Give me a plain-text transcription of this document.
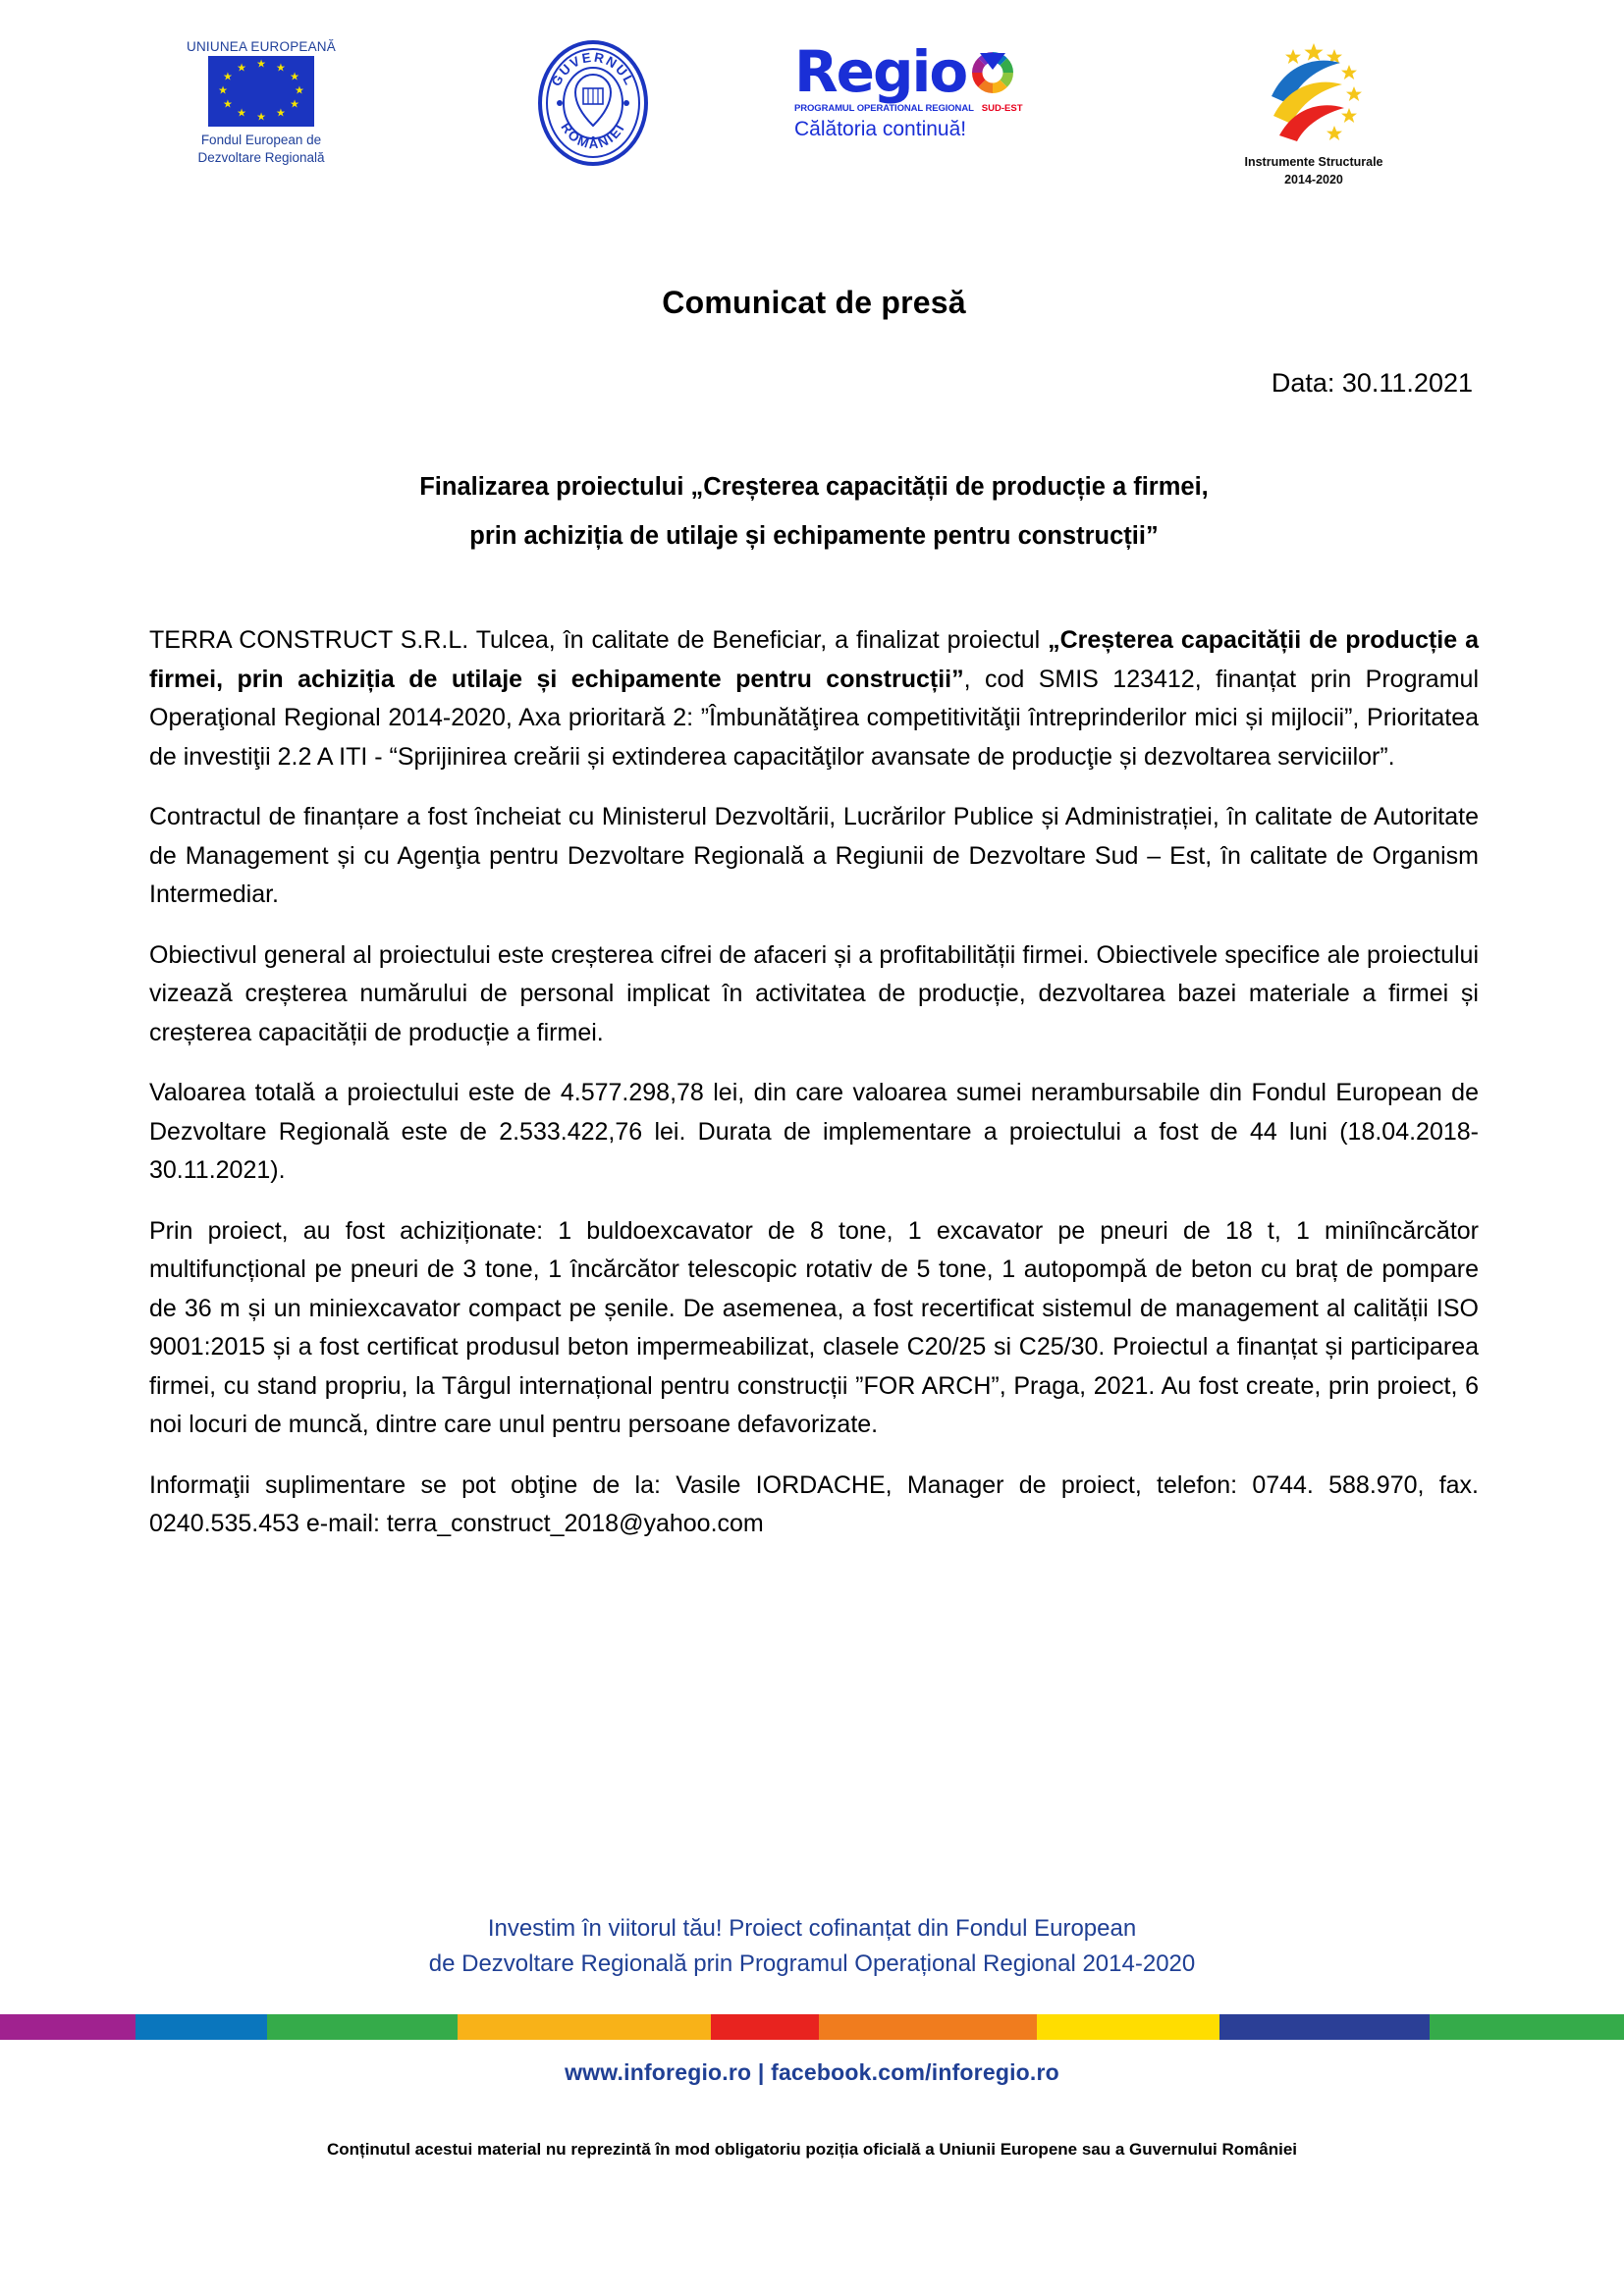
UNIUNEA EUROPEANĂ
★ ★
★
★
★
★
★
★
★
★
★
★
Fondul European de
Dezvoltare Regională
GUVERNUL
ROMÂNIEI
Regio
PROGRAMUL OPERATIONAL REGIONAL SUD-EST
Călătoria continuă!
Instrumente Structurale
2014-2020
Comunicat de presă
Data: 30.11.2021
Finalizarea proiectului „Creșterea capacității de producție a firmei,
prin achiziția de utilaje și echipamente pentru construcții”

TERRA CONSTRUCT S.R.L. Tulcea, în calitate de Beneficiar, a finalizat proiectul „Creșterea capacității de producție a firmei, prin achiziția de utilaje și echipamente pentru construcții”, cod SMIS 123412, finanțat prin Programul Operaţional Regional 2014-2020, Axa prioritară 2: ”Îmbunătăţirea competitivităţii întreprinderilor mici și mijlocii”, Prioritatea de investiţii 2.2 A ITI - “Sprijinirea creării și extinderea capacităţilor avansate de producţie și dezvoltarea serviciilor”.

Contractul de finanțare a fost încheiat cu Ministerul Dezvoltării, Lucrărilor Publice și Administrației, în calitate de Autoritate de Management și cu Agenţia pentru Dezvoltare Regională a Regiunii de Dezvoltare Sud – Est, în calitate de Organism Intermediar.

Obiectivul general al proiectului este creșterea cifrei de afaceri și a profitabilității firmei. Obiectivele specifice ale proiectului vizează creșterea numărului de personal implicat în activitatea de producție, dezvoltarea bazei materiale a firmei și creșterea capacității de producție a firmei.

Valoarea totală a proiectului este de 4.577.298,78 lei, din care valoarea sumei nerambursabile din Fondul European de Dezvoltare Regională este de 2.533.422,76 lei. Durata de implementare a proiectului a fost de 44 luni (18.04.2018-30.11.2021).

Prin proiect, au fost achiziționate: 1 buldoexcavator de 8 tone, 1 excavator pe pneuri de 18 t, 1 miniîncărcător multifuncțional pe pneuri de 3 tone, 1 încărcător telescopic rotativ de 5 tone, 1 autopompă de beton cu braț de pompare de 36 m și un miniexcavator compact pe șenile. De asemenea, a fost recertificat sistemul de management al calității ISO 9001:2015 și a fost certificat produsul beton impermeabilizat, clasele C20/25 si C25/30. Proiectul a finanțat și participarea firmei, cu stand propriu, la Târgul internațional pentru construcții ”FOR ARCH”, Praga, 2021. Au fost create, prin proiect, 6 noi locuri de muncă, dintre care unul pentru persoane defavorizate.

Informaţii suplimentare se pot obţine de la: Vasile IORDACHE, Manager de proiect, telefon: 0744. 588.970, fax. 0240.535.453 e-mail: terra_construct_2018@yahoo.com

Investim în viitorul tău! Proiect cofinanțat din Fondul European
de Dezvoltare Regională prin Programul Operațional Regional 2014-2020
www.inforegio.ro | facebook.com/inforegio.ro
Conținutul acestui material nu reprezintă în mod obligatoriu poziția oficială a Uniunii Europene sau a Guvernului României
